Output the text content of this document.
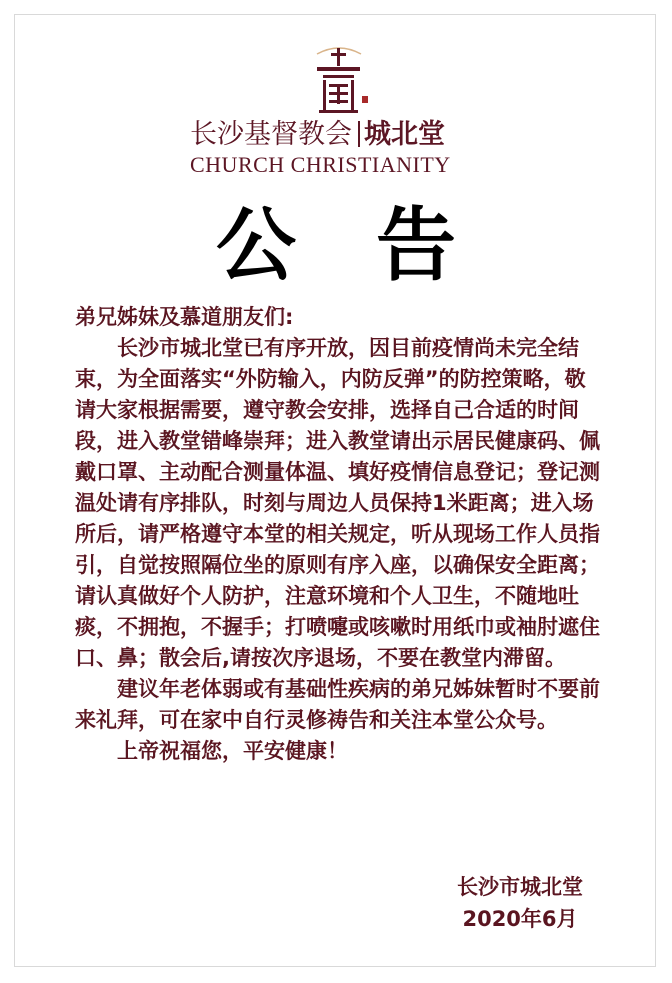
长沙基督教会 城北堂
CHURCH CHRISTIANITY
公告

弟兄姊妹及慕道朋友们:

长沙市城北堂已有序开放，因目前疫情尚未完全结束，为全面落实“外防输入，内防反弹”的防控策略，敬请大家根据需要，遵守教会安排，选择自己合适的时间段，进入教堂错峰崇拜；进入教堂请出示居民健康码、佩戴口罩、主动配合测量体温、填好疫情信息登记；登记测温处请有序排队，时刻与周边人员保持1米距离；进入场所后，请严格遵守本堂的相关规定，听从现场工作人员指引，自觉按照隔位坐的原则有序入座，以确保安全距离；请认真做好个人防护，注意环境和个人卫生，不随地吐痰，不拥抱，不握手；打喷嚏或咳嗽时用纸巾或袖肘遮住口、鼻；散会后,请按次序退场，不要在教堂内滞留。

建议年老体弱或有基础性疾病的弟兄姊妹暂时不要前来礼拜，可在家中自行灵修祷告和关注本堂公众号。

上帝祝福您，平安健康！

长沙市城北堂
2020年6月
